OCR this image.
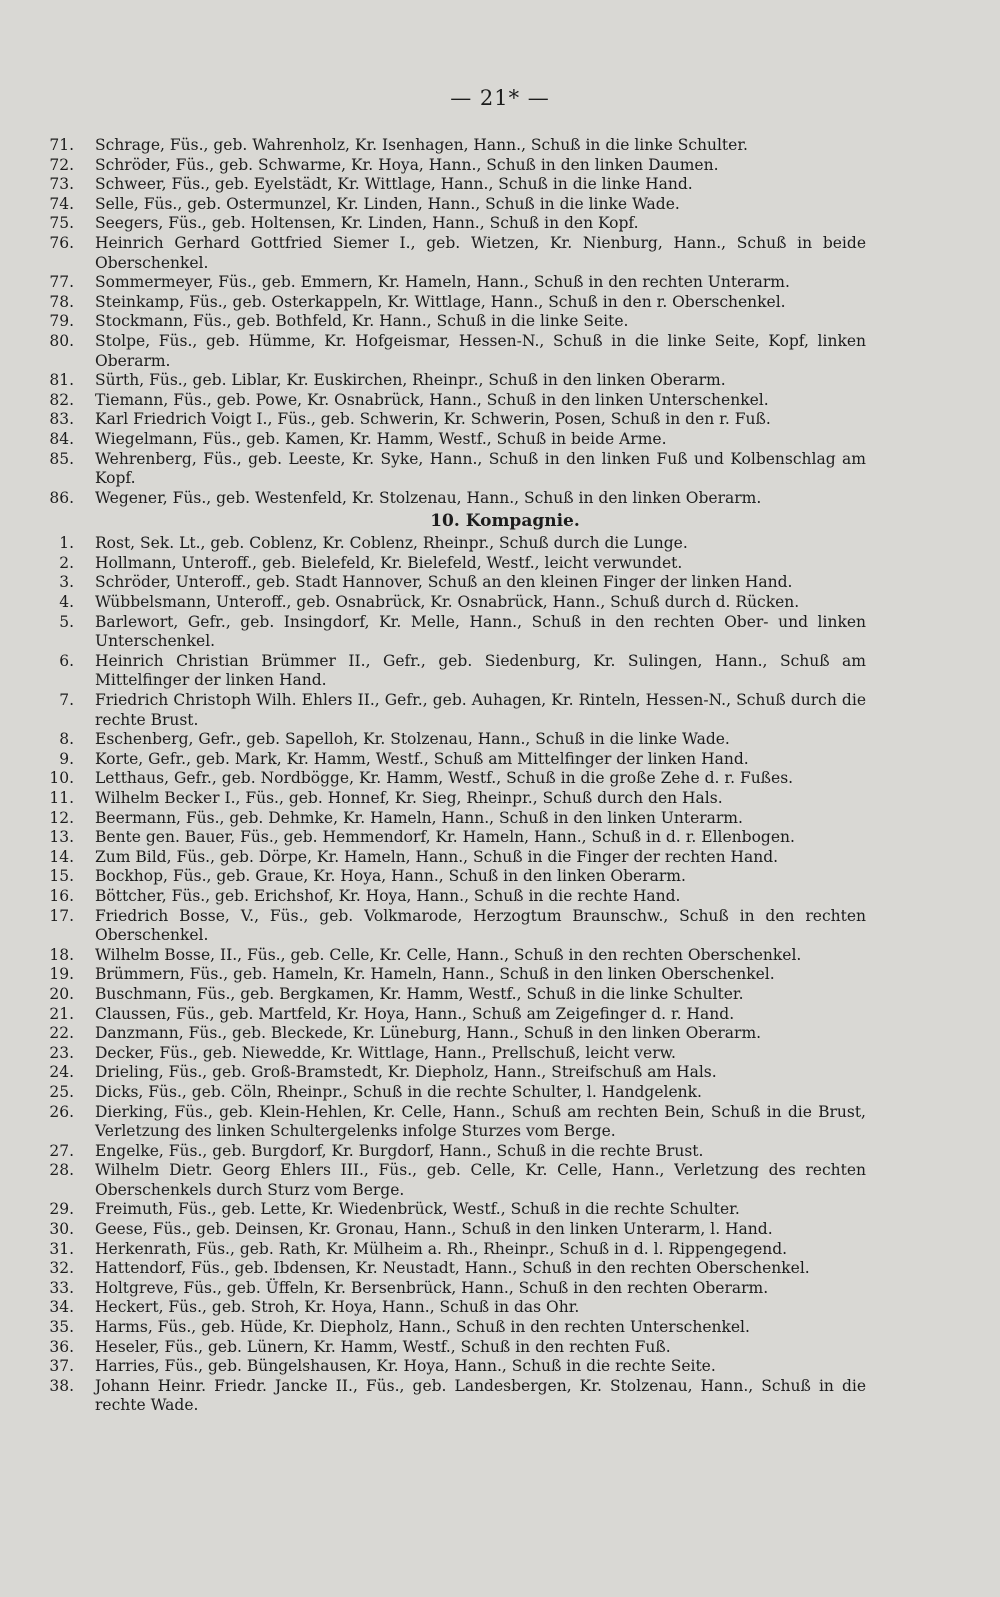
— 21* —
71. Schrage, Füs., geb. Wahrenholz, Kr. Isenhagen, Hann., Schuß in die linke Schulter.
72. Schröder, Füs., geb. Schwarme, Kr. Hoya, Hann., Schuß in den linken Daumen.
73. Schweer, Füs., geb. Eyelstädt, Kr. Wittlage, Hann., Schuß in die linke Hand.
74. Selle, Füs., geb. Ostermunzel, Kr. Linden, Hann., Schuß in die linke Wade.
75. Seegers, Füs., geb. Holtensen, Kr. Linden, Hann., Schuß in den Kopf.
76. Heinrich Gerhard Gottfried Siemer I., geb. Wietzen, Kr. Nienburg, Hann., Schuß in beide Oberschenkel.
77. Sommermeyer, Füs., geb. Emmern, Kr. Hameln, Hann., Schuß in den rechten Unterarm.
78. Steinkamp, Füs., geb. Osterkappeln, Kr. Wittlage, Hann., Schuß in den r. Oberschenkel.
79. Stockmann, Füs., geb. Bothfeld, Kr. Hann., Schuß in die linke Seite.
80. Stolpe, Füs., geb. Hümme, Kr. Hofgeismar, Hessen-N., Schuß in die linke Seite, Kopf, linken Oberarm.
81. Sürth, Füs., geb. Liblar, Kr. Euskirchen, Rheinpr., Schuß in den linken Oberarm.
82. Tiemann, Füs., geb. Powe, Kr. Osnabrück, Hann., Schuß in den linken Unterschenkel.
83. Karl Friedrich Voigt I., Füs., geb. Schwerin, Kr. Schwerin, Posen, Schuß in den r. Fuß.
84. Wiegelmann, Füs., geb. Kamen, Kr. Hamm, Westf., Schuß in beide Arme.
85. Wehrenberg, Füs., geb. Leeste, Kr. Syke, Hann., Schuß in den linken Fuß und Kolbenschlag am Kopf.
86. Wegener, Füs., geb. Westenfeld, Kr. Stolzenau, Hann., Schuß in den linken Oberarm.
10. Kompagnie.
1. Rost, Sek. Lt., geb. Coblenz, Kr. Coblenz, Rheinpr., Schuß durch die Lunge.
2. Hollmann, Unteroff., geb. Bielefeld, Kr. Bielefeld, Westf., leicht verwundet.
3. Schröder, Unteroff., geb. Stadt Hannover, Schuß an den kleinen Finger der linken Hand.
4. Wübbelsmann, Unteroff., geb. Osnabrück, Kr. Osnabrück, Hann., Schuß durch d. Rücken.
5. Barlewort, Gefr., geb. Insingdorf, Kr. Melle, Hann., Schuß in den rechten Ober- und linken Unterschenkel.
6. Heinrich Christian Brümmer II., Gefr., geb. Siedenburg, Kr. Sulingen, Hann., Schuß am Mittelfinger der linken Hand.
7. Friedrich Christoph Wilh. Ehlers II., Gefr., geb. Auhagen, Kr. Rinteln, Hessen-N., Schuß durch die rechte Brust.
8. Eschenberg, Gefr., geb. Sapelloh, Kr. Stolzenau, Hann., Schuß in die linke Wade.
9. Korte, Gefr., geb. Mark, Kr. Hamm, Westf., Schuß am Mittelfinger der linken Hand.
10. Letthaus, Gefr., geb. Nordbögge, Kr. Hamm, Westf., Schuß in die große Zehe d. r. Fußes.
11. Wilhelm Becker I., Füs., geb. Honnef, Kr. Sieg, Rheinpr., Schuß durch den Hals.
12. Beermann, Füs., geb. Dehmke, Kr. Hameln, Hann., Schuß in den linken Unterarm.
13. Bente gen. Bauer, Füs., geb. Hemmendorf, Kr. Hameln, Hann., Schuß in d. r. Ellenbogen.
14. Zum Bild, Füs., geb. Dörpe, Kr. Hameln, Hann., Schuß in die Finger der rechten Hand.
15. Bockhop, Füs., geb. Graue, Kr. Hoya, Hann., Schuß in den linken Oberarm.
16. Böttcher, Füs., geb. Erichshof, Kr. Hoya, Hann., Schuß in die rechte Hand.
17. Friedrich Bosse, V., Füs., geb. Volkmarode, Herzogtum Braunschw., Schuß in den rechten Oberschenkel.
18. Wilhelm Bosse, II., Füs., geb. Celle, Kr. Celle, Hann., Schuß in den rechten Oberschenkel.
19. Brümmern, Füs., geb. Hameln, Kr. Hameln, Hann., Schuß in den linken Oberschenkel.
20. Buschmann, Füs., geb. Bergkamen, Kr. Hamm, Westf., Schuß in die linke Schulter.
21. Claussen, Füs., geb. Martfeld, Kr. Hoya, Hann., Schuß am Zeigefinger d. r. Hand.
22. Danzmann, Füs., geb. Bleckede, Kr. Lüneburg, Hann., Schuß in den linken Oberarm.
23. Decker, Füs., geb. Niewedde, Kr. Wittlage, Hann., Prellschuß, leicht verw.
24. Drieling, Füs., geb. Groß-Bramstedt, Kr. Diepholz, Hann., Streifschuß am Hals.
25. Dicks, Füs., geb. Cöln, Rheinpr., Schuß in die rechte Schulter, l. Handgelenk.
26. Dierking, Füs., geb. Klein-Hehlen, Kr. Celle, Hann., Schuß am rechten Bein, Schuß in die Brust, Verletzung des linken Schultergelenks infolge Sturzes vom Berge.
27. Engelke, Füs., geb. Burgdorf, Kr. Burgdorf, Hann., Schuß in die rechte Brust.
28. Wilhelm Dietr. Georg Ehlers III., Füs., geb. Celle, Kr. Celle, Hann., Verletzung des rechten Oberschenkels durch Sturz vom Berge.
29. Freimuth, Füs., geb. Lette, Kr. Wiedenbrück, Westf., Schuß in die rechte Schulter.
30. Geese, Füs., geb. Deinsen, Kr. Gronau, Hann., Schuß in den linken Unterarm, l. Hand.
31. Herkenrath, Füs., geb. Rath, Kr. Mülheim a. Rh., Rheinpr., Schuß in d. l. Rippengegend.
32. Hattendorf, Füs., geb. Ibdensen, Kr. Neustadt, Hann., Schuß in den rechten Oberschenkel.
33. Holtgreve, Füs., geb. Üffeln, Kr. Bersenbrück, Hann., Schuß in den rechten Oberarm.
34. Heckert, Füs., geb. Stroh, Kr. Hoya, Hann., Schuß in das Ohr.
35. Harms, Füs., geb. Hüde, Kr. Diepholz, Hann., Schuß in den rechten Unterschenkel.
36. Heseler, Füs., geb. Lünern, Kr. Hamm, Westf., Schuß in den rechten Fuß.
37. Harries, Füs., geb. Büngelshausen, Kr. Hoya, Hann., Schuß in die rechte Seite.
38. Johann Heinr. Friedr. Jancke II., Füs., geb. Landesbergen, Kr. Stolzenau, Hann., Schuß in die rechte Wade.
